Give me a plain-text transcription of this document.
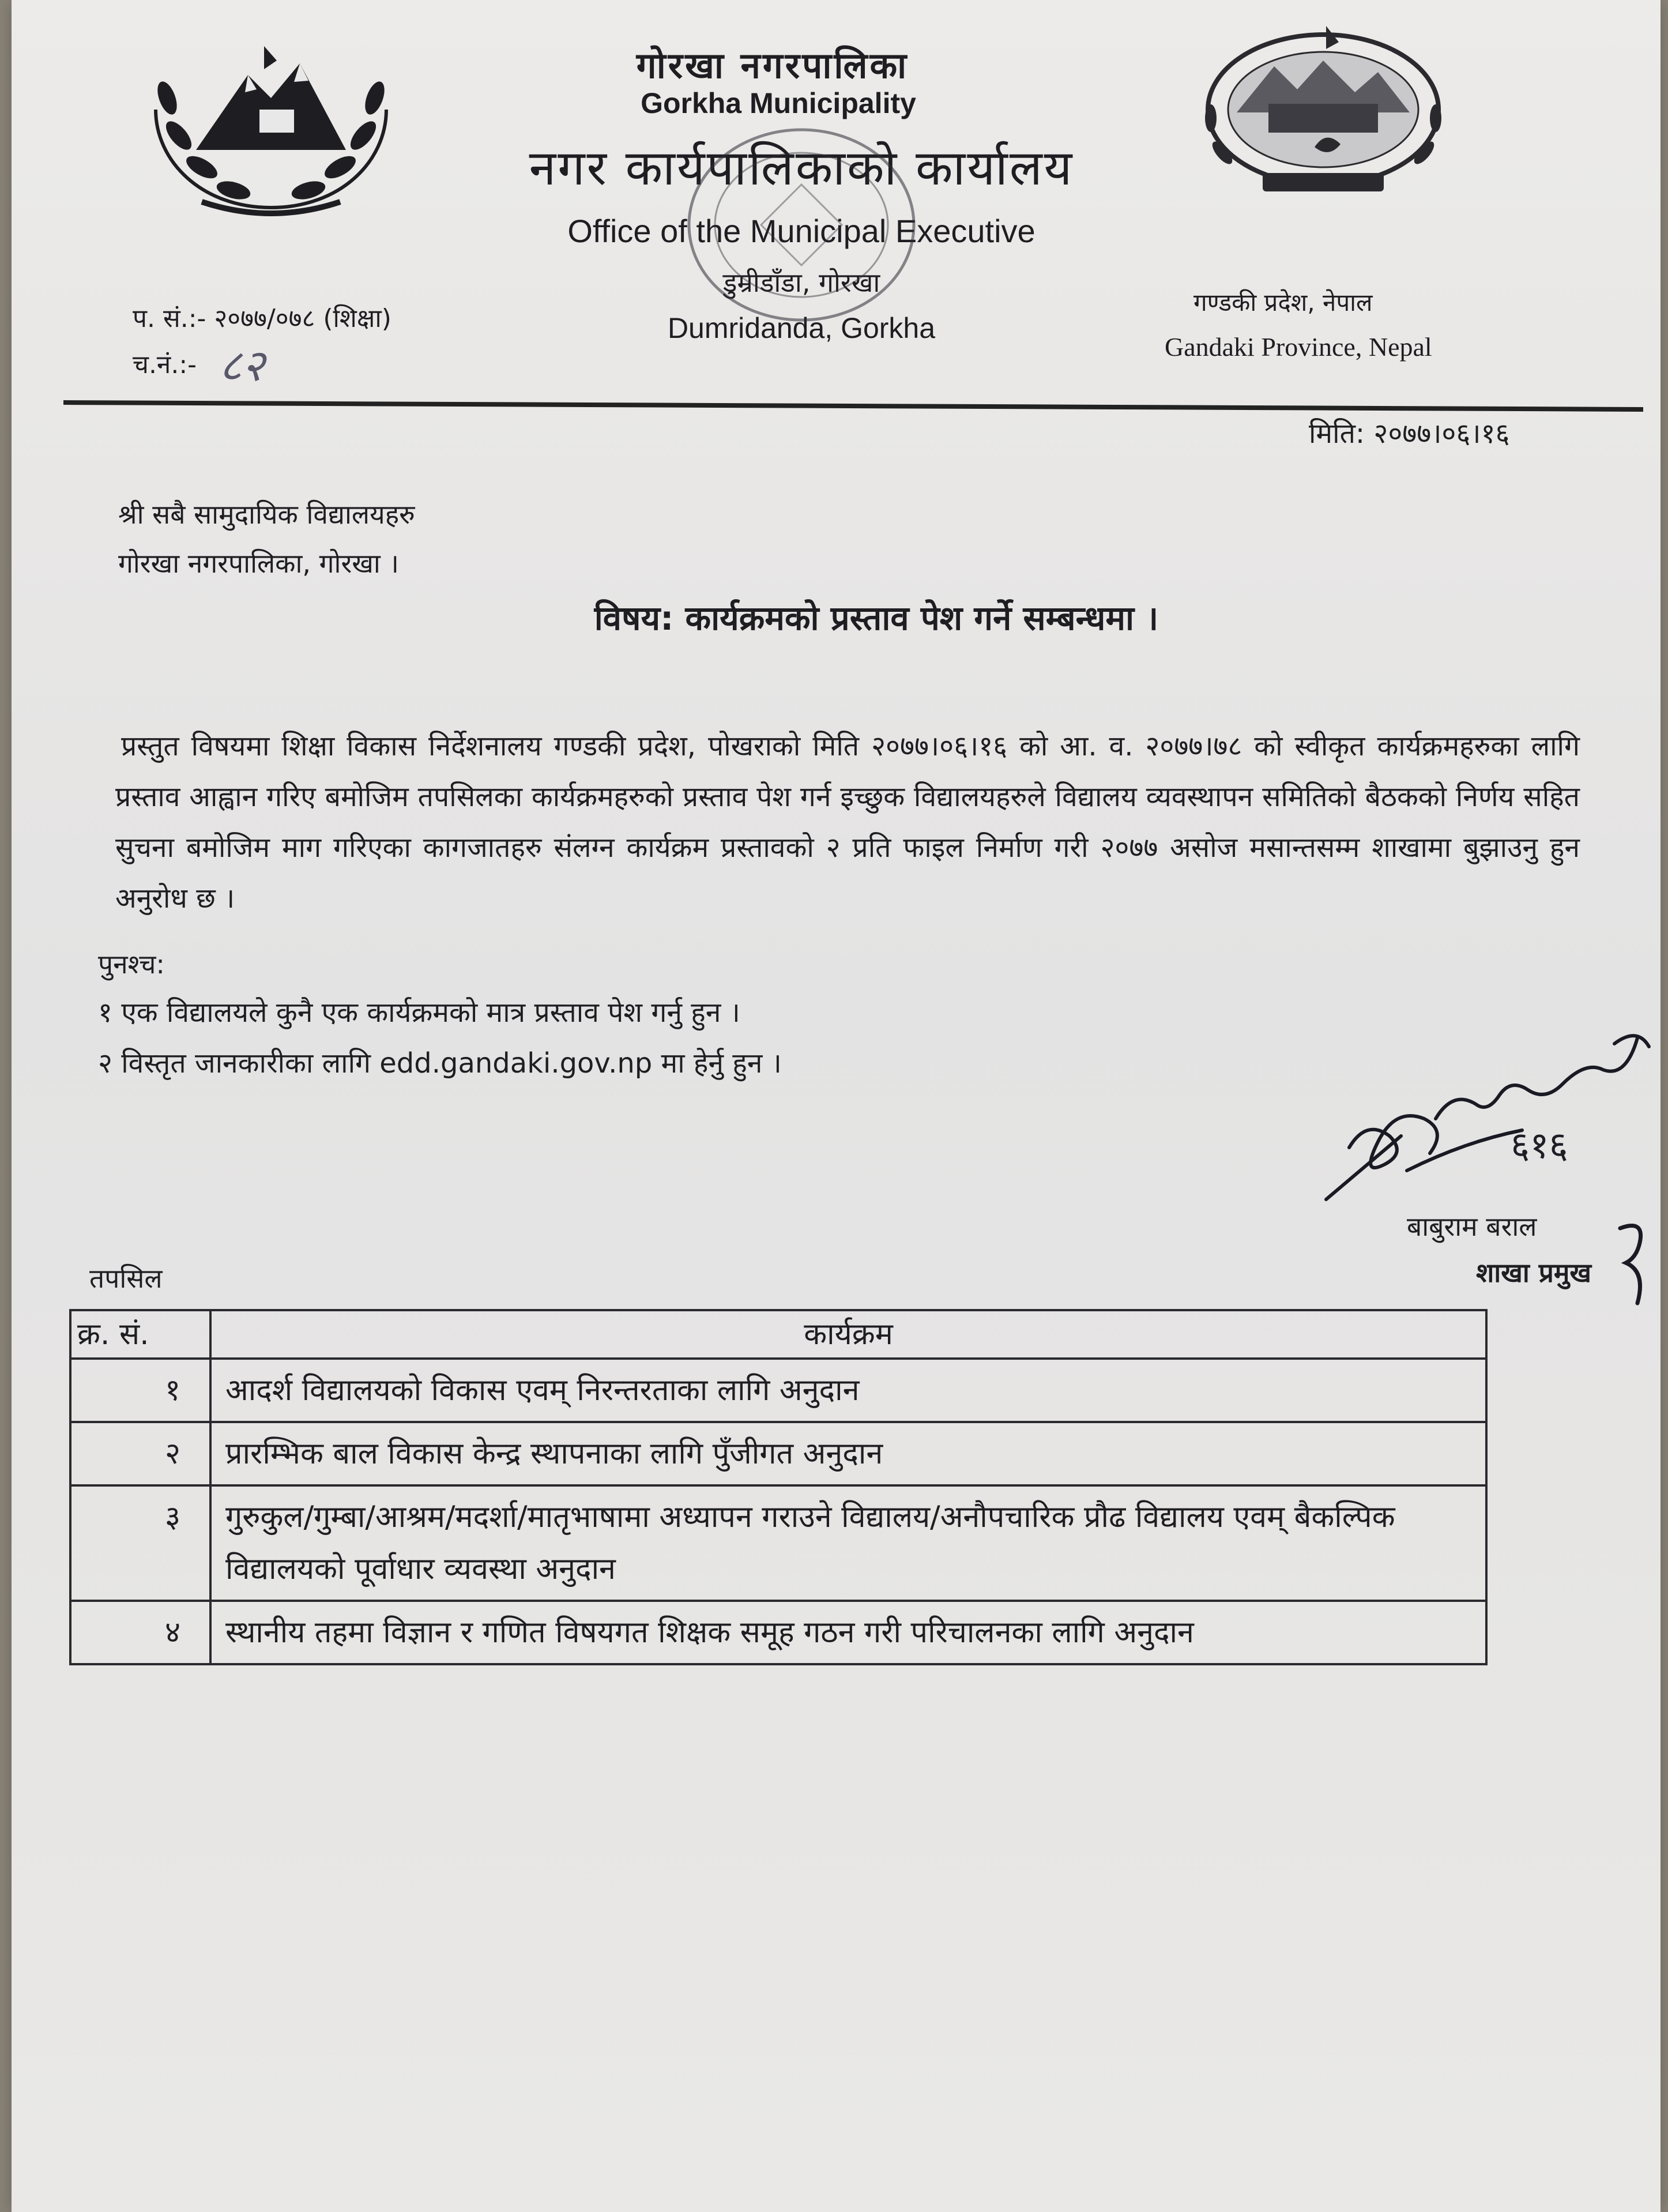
गोरखा नगरपालिका
Gorkha Municipality
नगर कार्यपालिकाको कार्यालय
Office of the Municipal Executive
डुम्रीडाँडा, गोरखा
Dumridanda, Gorkha
प. सं.:- २०७७/०७८ (शिक्षा)
च.नं.:- ८२
गण्डकी प्रदेश, नेपाल
Gandaki Province, Nepal
मिति: २०७७।०६।१६
श्री सबै सामुदायिक विद्यालयहरु
गोरखा नगरपालिका, गोरखा ।
विषय: कार्यक्रमको प्रस्ताव पेश गर्ने सम्बन्धमा ।
प्रस्तुत विषयमा शिक्षा विकास निर्देशनालय गण्डकी प्रदेश, पोखराको मिति २०७७।०६।१६ को आ. व. २०७७।७८ को स्वीकृत कार्यक्रमहरुका लागि प्रस्ताव आह्वान गरिए बमोजिम तपसिलका कार्यक्रमहरुको प्रस्ताव पेश गर्न इच्छुक विद्यालयहरुले विद्यालय व्यवस्थापन समितिको बैठकको निर्णय सहित सुचना बमोजिम माग गरिएका कागजातहरु संलग्न कार्यक्रम प्रस्तावको २ प्रति फाइल निर्माण गरी २०७७ असोज मसान्तसम्म शाखामा बुझाउनु हुन अनुरोध छ ।
पुनश्च:
१ एक विद्यालयले कुनै एक कार्यक्रमको मात्र प्रस्ताव पेश गर्नु हुन ।
२ विस्तृत जानकारीका लागि edd.gandaki.gov.np मा हेर्नु हुन ।
६१६
बाबुराम बराल
शाखा प्रमुख
तपसिल
क्र. सं.	कार्यक्रम
१	आदर्श विद्यालयको विकास एवम् निरन्तरताका लागि अनुदान
२	प्रारम्भिक बाल विकास केन्द्र स्थापनाका लागि पुँजीगत अनुदान
३	गुरुकुल/गुम्बा/आश्रम/मदर्शा/मातृभाषामा अध्यापन गराउने विद्यालय/अनौपचारिक प्रौढ विद्यालय एवम् बैकल्पिक विद्यालयको पूर्वाधार व्यवस्था अनुदान
४	स्थानीय तहमा विज्ञान र गणित विषयगत शिक्षक समूह गठन गरी परिचालनका लागि अनुदान
